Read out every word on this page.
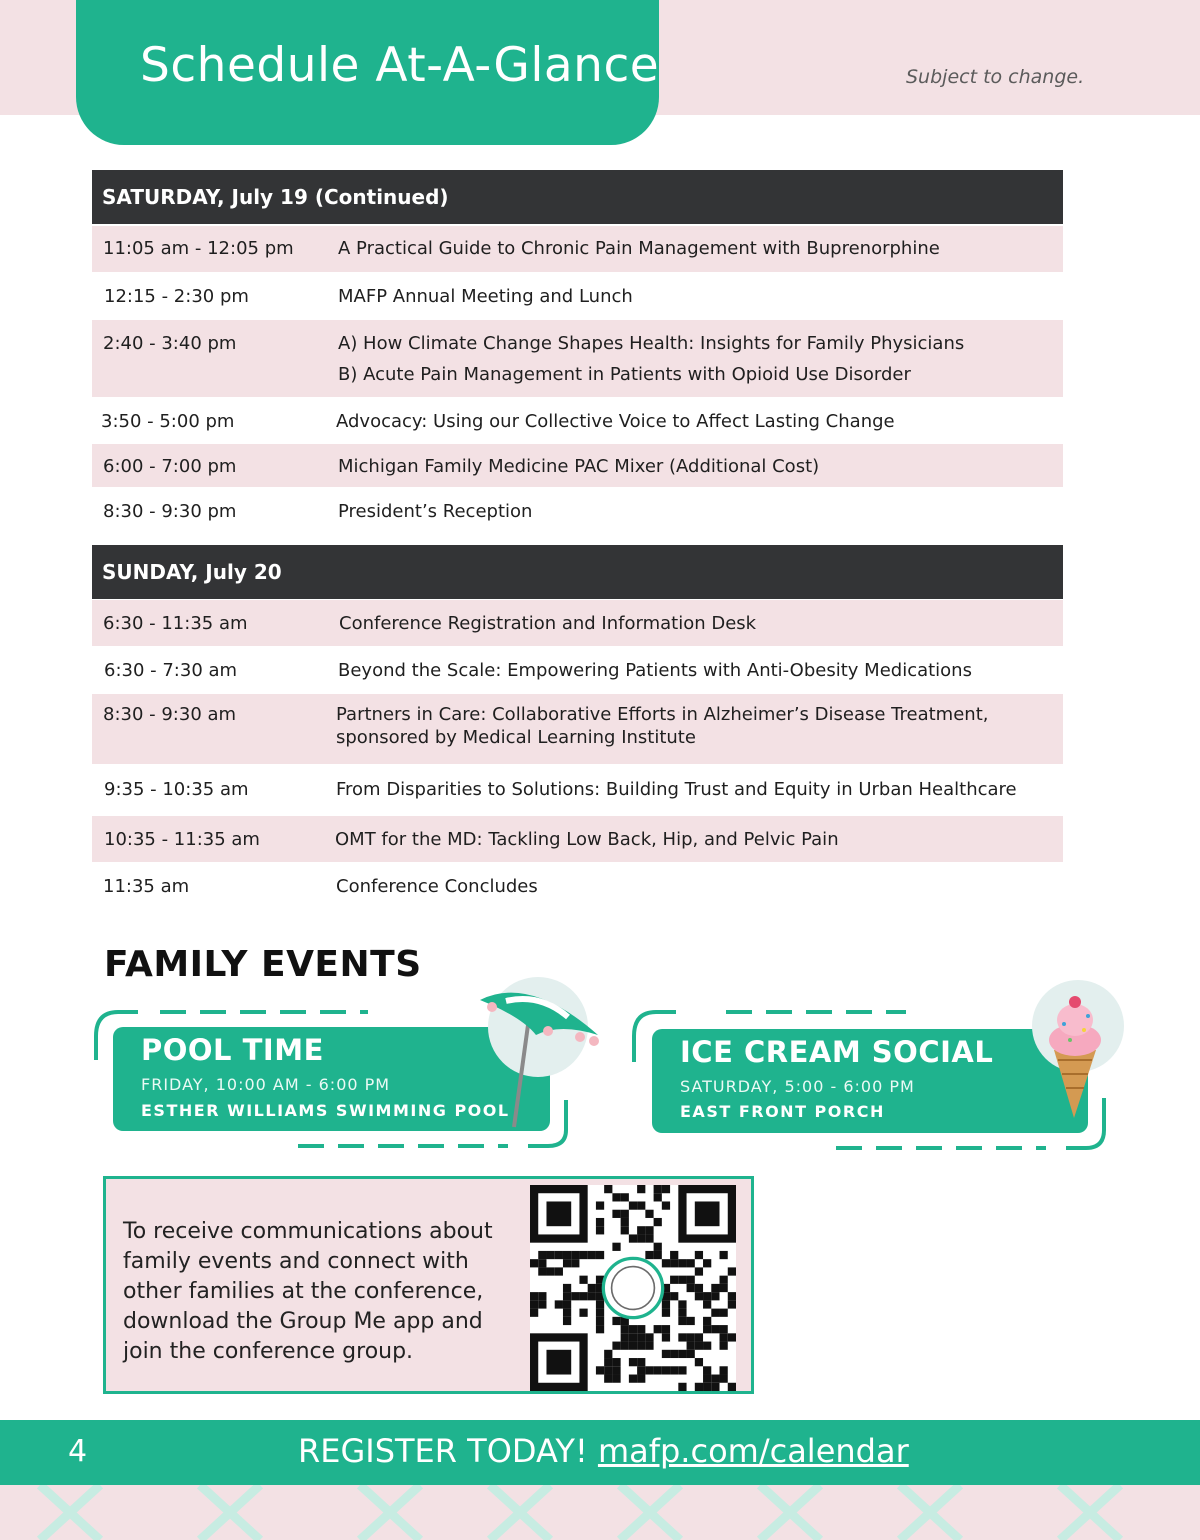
Schedule At-A-Glance	Subject to change.
SATURDAY, July 19 (Continued)
11:05 am - 12:05 pm A Practical Guide to Chronic Pain Management with Buprenorphine
12:15 - 2:30 pm	MAFP Annual Meeting and Lunch
2:40 - 3:40 pm	A) How Climate Change Shapes Health: Insights for Family Physicians
B) Acute Pain Management in Patients with Opioid Use Disorder
3:50 - 5:00 pm	Advocacy: Using our Collective Voice to Affect Lasting Change
6:00 - 7:00 pm	Michigan Family Medicine PAC Mixer (Additional Cost)
8:30 - 9:30 pm	President’s Reception
SUNDAY, July 20
6:30 - 11:35 am	Conference Registration and Information Desk
6:30 - 7:30 am	Beyond the Scale: Empowering Patients with Anti-Obesity Medications
8:30 - 9:30 am	Partners in Care: Collaborative Efforts in Alzheimer’s Disease Treatment,
sponsored by Medical Learning Institute
9:35 - 10:35 am	From Disparities to Solutions: Building Trust and Equity in Urban Healthcare
10:35 - 11:35 am	OMT for the MD: Tackling Low Back, Hip, and Pelvic Pain
11:35 am	Conference Concludes
FAMILY EVENTS
POOL TIME
FRIDAY, 10:00 AM - 6:00 PM
ESTHER WILLIAMS SWIMMING POOL
ICE CREAM SOCIAL
SATURDAY, 5:00 - 6:00 PM
EAST FRONT PORCH
To receive communications about family events and connect with other families at the conference, download the Group Me app and join the conference group.
4	REGISTER TODAY! mafp.com/calendar
